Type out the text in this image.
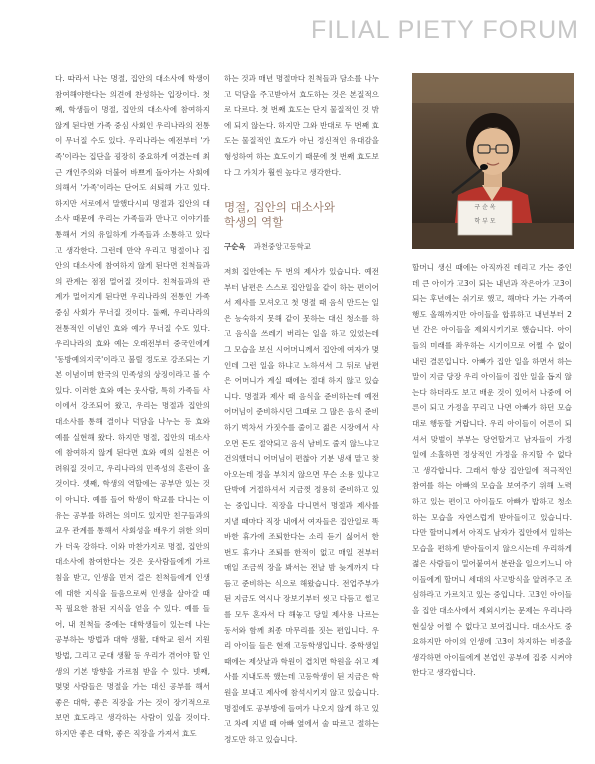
FILIAL PIETY FORUM

다. 따라서 나는 명절, 집안의 대소사에 학생이 참여해야한다는 의견에 찬성하는 입장이다. 첫째, 학생들이 명절, 집안의 대소사에 참여하지 않게 된다면 가족 중심 사회인 우리나라의 전통이 무너질 수도 있다. 우리나라는 예전부터 '가족'이라는 집단을 굉장히 중요하게 여겼는데 최근 개인주의와 더불어 바쁘게 돌아가는 사회에 의해서 '가족'이라는 단어도 쇠퇴해 가고 있다. 하지만 서로에서 말했다시피 명절과 집안의 대소사 때문에 우리는 가족들과 만나고 이야기를 통해서 거의 유일하게 가족들과 소통하고 있다고 생각한다. 그런데 만약 우리고 명절이나 집안의 대소사에 참여하지 않게 된다면 친척들과의 관계는 점점 멀어질 것이다. 친척들과의 관계가 멀어지게 된다면 우리나라의 전통인 가족 중심 사회가 무너질 것이다. 둘째, 우리나라의 전통적인 이념인 효와 예가 무너질 수도 있다. 우리나라의 효와 예는 오래전부터 중국인에게 '동방예의지국'이라고 불릴 정도로 강조되는 기본 이념이며 한국의 민족성의 상징이라고 볼 수 있다. 이러한 효와 예는 웃사람, 특히 가족들 사이에서 강조되어 왔고, 우리는 명절과 집안의 대소사를 통해 결이나 덕담을 나누는 등 효와 예를 실현해 왔다. 하지만 명절, 집안의 대소사에 참여하지 않게 된다면 효와 예의 실천은 어려워질 것이고, 우리나라의 민족성의 흔란이 올 것이다. 셋째, 학생의 역할에는 공부만 있는 것이 아니다. 예를 들어 학생이 학교를 다니는 이유는 공부를 하려는 의미도 있지만 친구들과의 교우 관계를 통해서 사회성을 배우기 위한 의미가 더욱 강하다. 이와 마찬가지로 명절, 집안의 대소사에 참여한다는 것은 웃사람들에게 가르침을 받고, 인생을 먼저 걸은 친척들에게 인생에 대한 지식을 들음으로써 인생을 살아갈 때 꼭 필요한 참된 지식을 얻을 수 있다. 예를 들어, 내 친척들 중에는 대학생들이 있는데 나는 공부하는 방법과 대학 생활, 대학교 원서 지원 방법, 그리고 군대 생활 등 우리가 겪어야 할 인생의 기본 방향을 가르침 받을 수 있다. 넷째, 몇몇 사람들은 명절을 가는 대신 공부를 해서 좋은 대학, 좋은 직장을 가는 것이 장기적으로 보면 효도라고 생각하는 사람이 있을 것이다. 하지만 좋은 대학, 좋은 직장을 가져서 효도

하는 것과 매년 명절마다 친척들과 담소를 나누고 덕담을 주고받아서 효도하는 것은 본질적으로 다르다. 첫 번째 효도는 단지 물질적인 것 밖에 되지 않는다. 하지만 그와 반대로 두 번째 효도는 물질적인 효도가 아닌 정신적인 유대감을 형성하여 하는 효도이기 때문에 첫 번째 효도보다 그 가치가 훨씬 높다고 생각한다.

명절, 집안의 대소사와
학생의 역할
구순옥 과천중앙고등학교

저희 집안에는 두 번의 제사가 있습니다. 예전부터 남편은 스스로 집안일을 같이 하는 편이어서 제사를 모셔오고 첫 명절 때 음식 만드는 일은 능숙하지 못해 같이 못하는 대신 청소를 하고 음식을 쓰레기 버리는 일을 하고 있었는데 그 모습을 보신 시어머니께서 집안에 여자가 몇 인데 그런 일을 하냐고 노하셔서 그 뒤로 남편은 어머니가 계실 때에는 절대 하지 않고 있습니다. 명절과 제사 때 음식을 준비하는데 예전 어머님이 준비하시던 그때로 그 많은 음식 준비하기 벅차서 가짓수를 줄이고 젊은 시장에서 사오면 돈도 절약되고 음식 남비도 줄지 않느냐고 건의했더니 어머님이 편찮아 기분 냉새 맡고 찾아오는데 정을 부치지 않으면 무슨 소용 있냐고 단박에 거절하셔서 지금껏 정용히 준비하고 있는 중입니다. 직장을 다니면서 명절과 제사를 지낼 때마다 직장 내에서 여자들은 집안일로 똑바한 휴가에 조퇴한다는 소리 듣기 싫어서 한 번도 휴가나 조퇴를 한적이 없고 매일 전부터 매일 조금씩 장을 봐서는 전날 밤 늦게까지 다듬고 준비하는 식으로 해왔습니다. 전업주부가 된 지금도 역시나 장보기부터 씻고 다듬고 썰고를 모두 혼자서 다 해놓고 당일 제사용 나르는 동서와 함께 최종 마무리를 짓는 편입니다. 우리 아이들 들은 현재 고등학생입니다. 중학생일 때에는 제삿날과 학원이 겹치면 학원을 쉬고 제사를 지내도록 했는데 고등학생이 된 지금은 학원을 보내고 제사에 참석시키지 않고 있습니다. 명절에도 공부방에 들여가 나오지 않게 하고 있고 차례 지낼 때 아빠 옆에서 술 따르고 절하는 정도만 하고 있습니다.

구 순 옥
학 부 모

할머니 생신 때에는 아직까진 데리고 가는 중인데 큰 아이가 고3이 되는 내년과 작은아가 고3이 되는 후년에는 쉬기로 했고, 해마다 가는 가족여행도 올해까지만 아이들을 합류하고 내년부터 2년 간은 아이들을 제외시키기로 했습니다. 아이들의 미래를 좌우하는 시기이므로 어쩔 수 없이 내린 결론입니다. 아빠가 집안 일을 하면서 하는 말이 지금 당장 우리 아이들이 집안 일을 돕지 않는다 하더라도 보고 배운 것이 있어서 나중에 어른이 되고 가정을 꾸리고 나면 아빠가 하던 모습대로 행동할 거랍니다. 우리 아이들이 어른이 되셔서 맞벌이 부부는 당연할거고 남자들이 가정 일에 소홀하면 정상적인 가정을 유지할 수 없다고 생각합니다. 그래서 항상 집안일에 적극적인 참여를 하는 아빠의 모습을 보여주기 위해 노력하고 있는 편이고 아이들도 아빠가 밥하고 청소하는 모습을 자연스럽게 받아들이고 있습니다. 다만 할머니께서 아직도 남자가 집안에서 일하는 모습을 편하게 받아들이지 않으시는데 우리하게 젊은 사람들이 밀어붙여서 분란을 일으키느니 아이들에게 할머니 세대의 사고방식을 알려주고 조심하라고 가르치고 있는 중입니다. 고3인 아이들을 집안 대소사에서 제외시키는 문제는 우리나라 현실상 어쩔 수 없다고 보여집니다. 대소사도 중요하지만 아이의 인생에 고3이 차지하는 비중을 생각하면 아이들에게 본업인 공부에 집중 시켜야 한다고 생각합니다.
